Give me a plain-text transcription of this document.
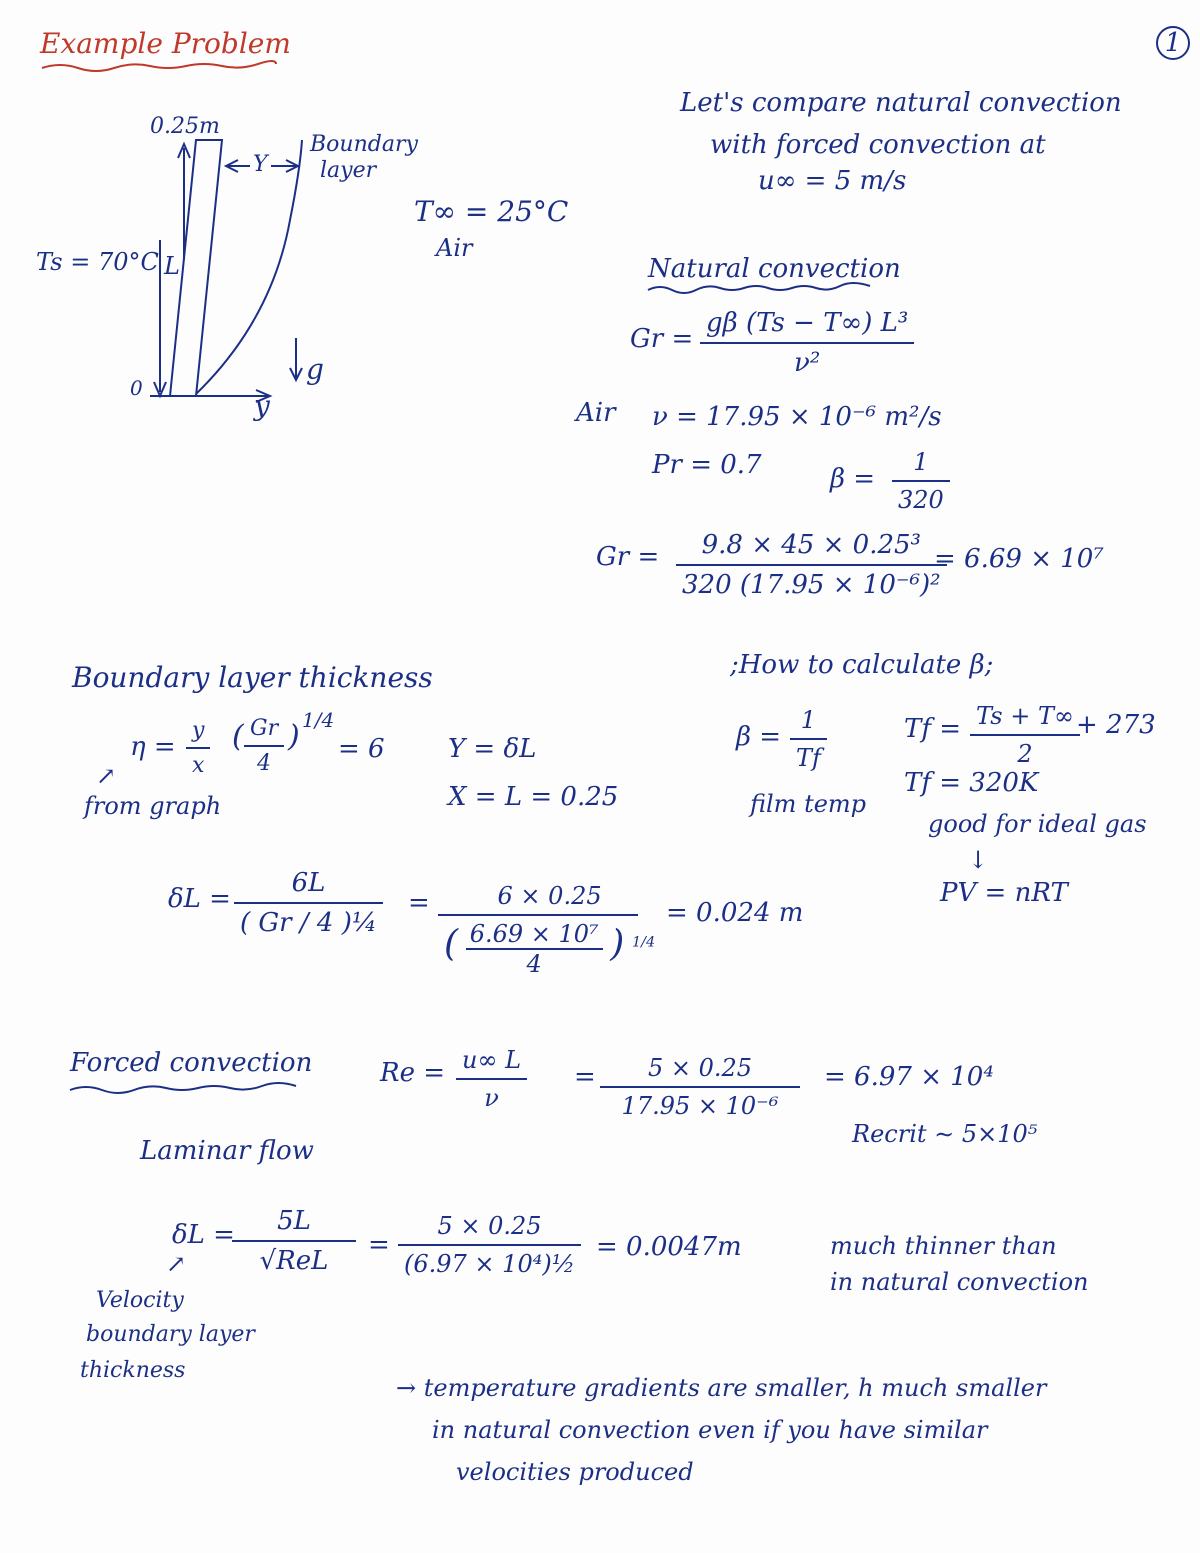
Example Problem	1
0.25m
Y
Boundary
layer
Ts = 70°C L
0
y
g
T∞ = 25°C
Air
Let's compare natural convection
with forced convection at
u∞ = 5 m/s
Natural convection
Gr =
gβ (Ts − T∞) L³
ν²
Air ν = 17.95 × 10⁻⁶ m²/s
Pr = 0.7	β =
1
320
Gr =	9.8 × 45 × 0.25³
320 (17.95 × 10⁻⁶)²
= 6.69 × 10⁷
;How to calculate β;
β =
1
Tf
film temp
Tf = Ts + T∞
2
+ 273
Tf = 320K
good for ideal gas
↓
PV = nRT
Boundary layer thickness
η =
y
x
( Gr
4
) 1/4
= 6
↗
from graph
Y = δL
X = L = 0.25
δL =
6L
( Gr / 4 )¼
=	6 × 0.25
( $\frac{\text{6.69 × 10⁷}}{4}$ ) $^{1/4}$
= 0.024 m
Forced convection	Re = u∞ L
ν
=	5 × 0.25
17.95 × 10⁻⁶
= 6.97 × 10⁴
Recrit ∼ 5×10⁵
Laminar flow
δL =	5L
√ReL
=
5 × 0.25
(6.97 × 10⁴)½
= 0.0047m	much thinner than
in natural convection
↗
Velocity
boundary layer
thickness
→ temperature gradients are smaller, h much smaller
in natural convection even if you have similar
velocities produced
